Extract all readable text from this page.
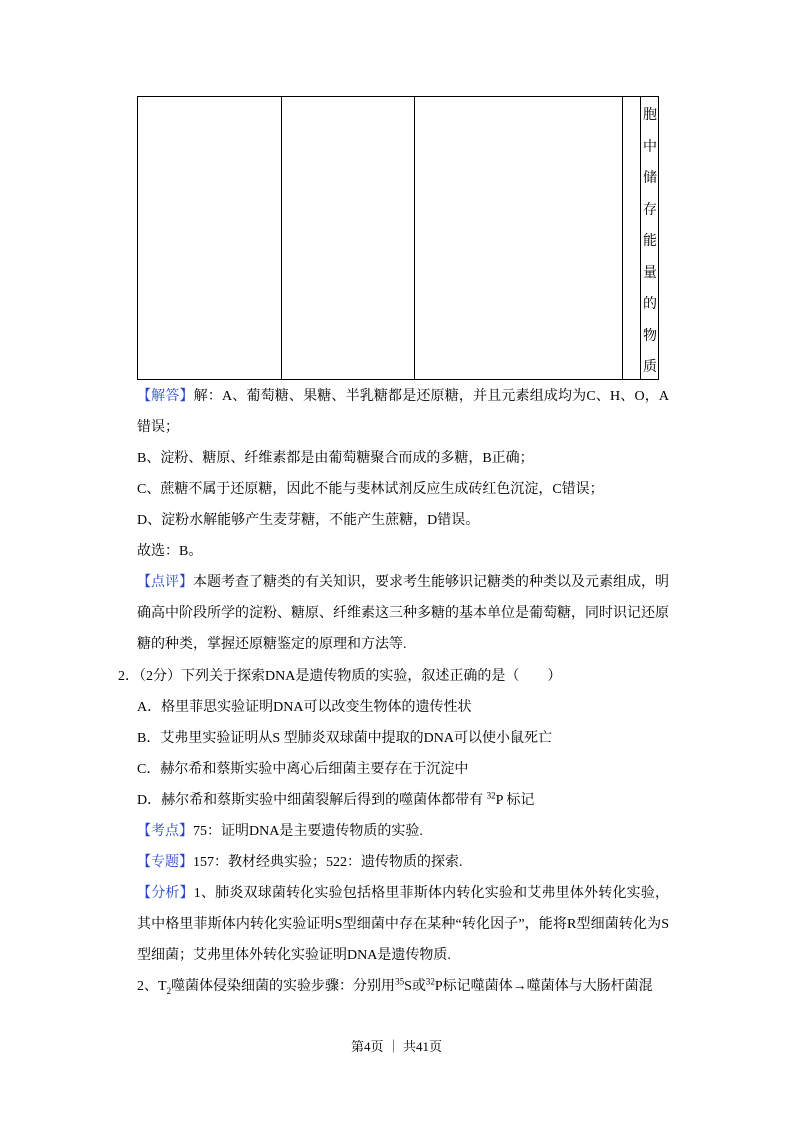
胞
中
储
存
能
量
的
物
质
【解答】解：A、葡萄糖、果糖、半乳糖都是还原糖，并且元素组成均为C、H、O，A错误；
B、淀粉、糖原、纤维素都是由葡萄糖聚合而成的多糖，B正确；
C、蔗糖不属于还原糖，因此不能与斐林试剂反应生成砖红色沉淀，C错误；
D、淀粉水解能够产生麦芽糖，不能产生蔗糖，D错误。
故选：B。
【点评】本题考查了糖类的有关知识，要求考生能够识记糖类的种类以及元素组成，明确高中阶段所学的淀粉、糖原、纤维素这三种多糖的基本单位是葡萄糖，同时识记还原糖的种类，掌握还原糖鉴定的原理和方法等.
2．（2分）下列关于探索DNA是遗传物质的实验，叙述正确的是（　　）
A．格里菲思实验证明DNA可以改变生物体的遗传性状
B．艾弗里实验证明从S 型肺炎双球菌中提取的DNA可以使小鼠死亡
C．赫尔希和蔡斯实验中离心后细菌主要存在于沉淀中
D．赫尔希和蔡斯实验中细菌裂解后得到的噬菌体都带有 $^{32}$P 标记
【考点】75：证明DNA是主要遗传物质的实验.
【专题】157：教材经典实验；522：遗传物质的探索.
【分析】1、肺炎双球菌转化实验包括格里菲斯体内转化实验和艾弗里体外转化实验，其中格里菲斯体内转化实验证明S型细菌中存在某种“转化因子”，能将R型细菌转化为S型细菌；艾弗里体外转化实验证明DNA是遗传物质.
2、$T_2$噬菌体侵染细菌的实验步骤：分别用$^{35}$S或$^{32}$P标记噬菌体→噬菌体与大肠杆菌混
第4页 ｜ 共41页
